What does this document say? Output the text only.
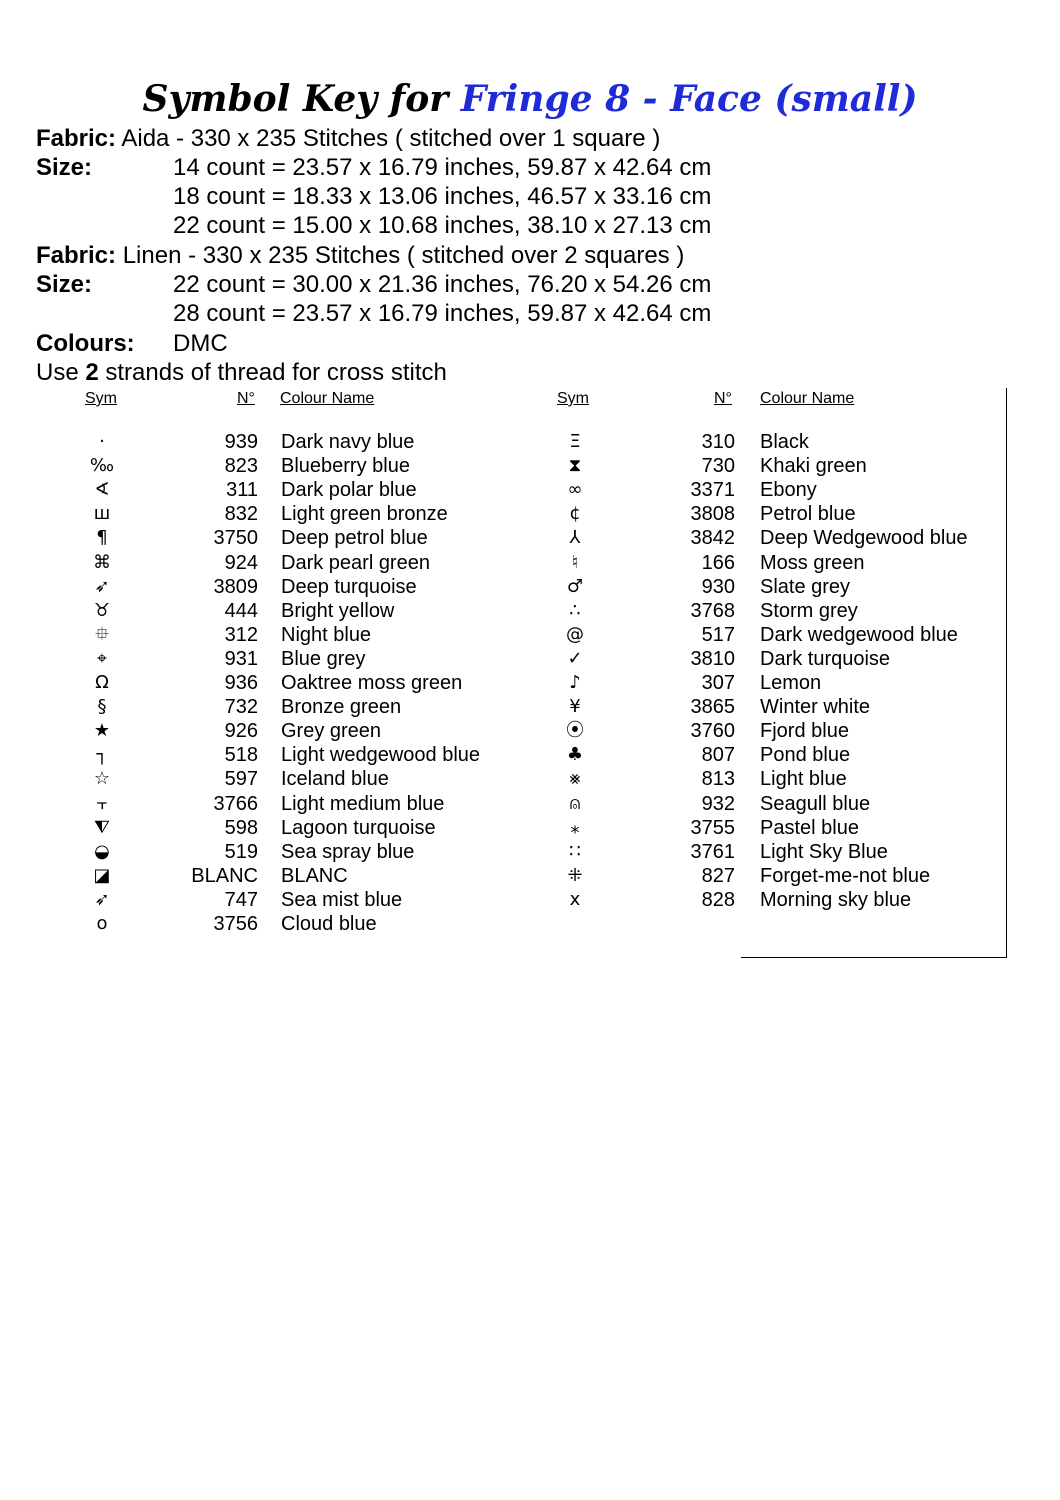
Symbol Key for Fringe 8 - Face (small)
Fabric: Aida - 330 x 235 Stitches ( stitched over 1 square )
Size:	14 count = 23.57 x 16.79 inches, 59.87 x 42.64 cm
18 count = 18.33 x 13.06 inches, 46.57 x 33.16 cm
22 count = 15.00 x 10.68 inches, 38.10 x 27.13 cm
Fabric: Linen - 330 x 235 Stitches ( stitched over 2 squares )
Size:	22 count = 30.00 x 21.36 inches, 76.20 x 54.26 cm
28 count = 23.57 x 16.79 inches, 59.87 x 42.64 cm
Colours: DMC
Use 2 strands of thread for cross stitch
Sym	N° Colour Name	Sym	N° Colour Name
·	939 Dark navy blue
‰	823 Blueberry blue
∢	311 Dark polar blue
ш	832 Light green bronze
¶	3750 Deep petrol blue
⌘	924 Dark pearl green
➶	3809 Deep turquoise
♉	444 Bright yellow
⯐	312 Night blue
⌖	931 Blue grey
Ω	936 Oaktree moss green
§	732 Bronze green
★	926 Grey green
┐	518 Light wedgewood blue
☆	597 Iceland blue
⫟	3766 Light medium blue
⧨	598 Lagoon turquoise
◒	519 Sea spray blue
◪	BLANC BLANC
➶	747 Sea mist blue
o	3756 Cloud blue
Ξ	310 Black
⧗	730 Khaki green
∞	3371 Ebony
¢	3808 Petrol blue
⅄	3842 Deep Wedgewood blue
♮	166 Moss green
♂	930 Slate grey
∴	3768 Storm grey
@	517 Dark wedgewood blue
✓	3810 Dark turquoise
♪	307 Lemon
¥	3865 Winter white
⦿	3760 Fjord blue
♣	807 Pond blue
⨳	813 Light blue
⍝	932 Seagull blue
⁎	3755 Pastel blue
∷	3761 Light Sky Blue
⁜	827 Forget-me-not blue
x	828 Morning sky blue
